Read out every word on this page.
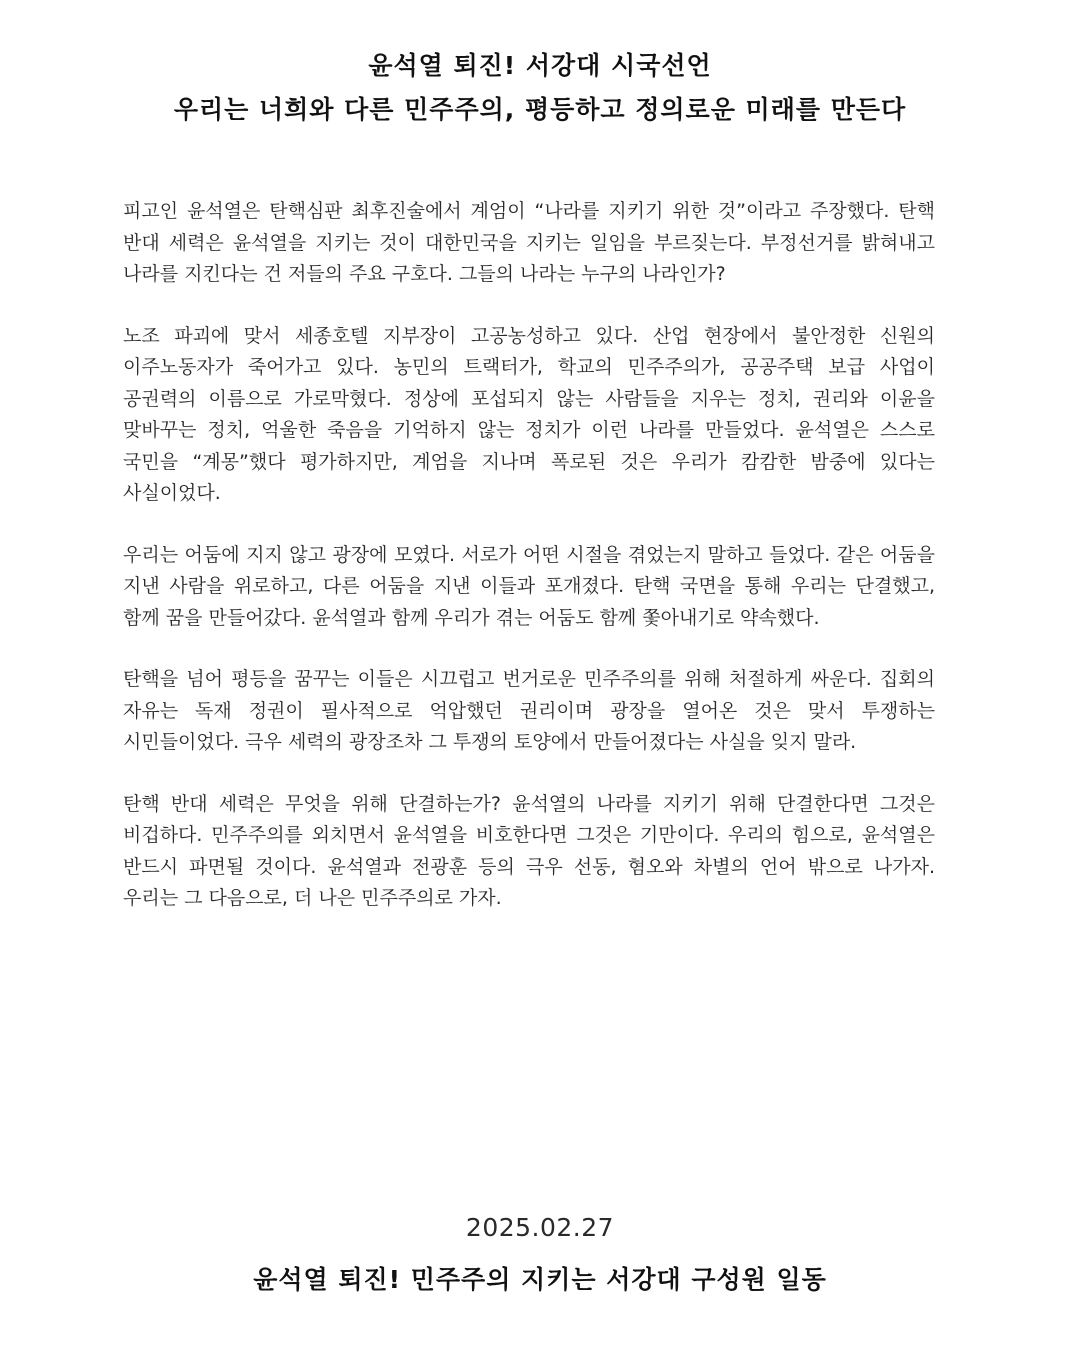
윤석열 퇴진! 서강대 시국선언
우리는 너희와 다른 민주주의, 평등하고 정의로운 미래를 만든다

피고인 윤석열은 탄핵심판 최후진술에서 계엄이 “나라를 지키기 위한 것”이라고 주장했다. 탄핵 반대 세력은 윤석열을 지키는 것이 대한민국을 지키는 일임을 부르짖는다. 부정선거를 밝혀내고 나라를 지킨다는 건 저들의 주요 구호다. 그들의 나라는 누구의 나라인가?

노조 파괴에 맞서 세종호텔 지부장이 고공농성하고 있다. 산업 현장에서 불안정한 신원의 이주노동자가 죽어가고 있다. 농민의 트랙터가, 학교의 민주주의가, 공공주택 보급 사업이 공권력의 이름으로 가로막혔다. 정상에 포섭되지 않는 사람들을 지우는 정치, 권리와 이윤을 맞바꾸는 정치, 억울한 죽음을 기억하지 않는 정치가 이런 나라를 만들었다. 윤석열은 스스로 국민을 “계몽”했다 평가하지만, 계엄을 지나며 폭로된 것은 우리가 캄캄한 밤중에 있다는 사실이었다.

우리는 어둠에 지지 않고 광장에 모였다. 서로가 어떤 시절을 겪었는지 말하고 들었다. 같은 어둠을 지낸 사람을 위로하고, 다른 어둠을 지낸 이들과 포개졌다. 탄핵 국면을 통해 우리는 단결했고, 함께 꿈을 만들어갔다. 윤석열과 함께 우리가 겪는 어둠도 함께 쫓아내기로 약속했다.

탄핵을 넘어 평등을 꿈꾸는 이들은 시끄럽고 번거로운 민주주의를 위해 처절하게 싸운다. 집회의 자유는 독재 정권이 필사적으로 억압했던 권리이며 광장을 열어온 것은 맞서 투쟁하는 시민들이었다. 극우 세력의 광장조차 그 투쟁의 토양에서 만들어졌다는 사실을 잊지 말라.

탄핵 반대 세력은 무엇을 위해 단결하는가? 윤석열의 나라를 지키기 위해 단결한다면 그것은 비겁하다. 민주주의를 외치면서 윤석열을 비호한다면 그것은 기만이다. 우리의 힘으로, 윤석열은 반드시 파면될 것이다. 윤석열과 전광훈 등의 극우 선동, 혐오와 차별의 언어 밖으로 나가자. 우리는 그 다음으로, 더 나은 민주주의로 가자.

2025.02.27
윤석열 퇴진! 민주주의 지키는 서강대 구성원 일동
